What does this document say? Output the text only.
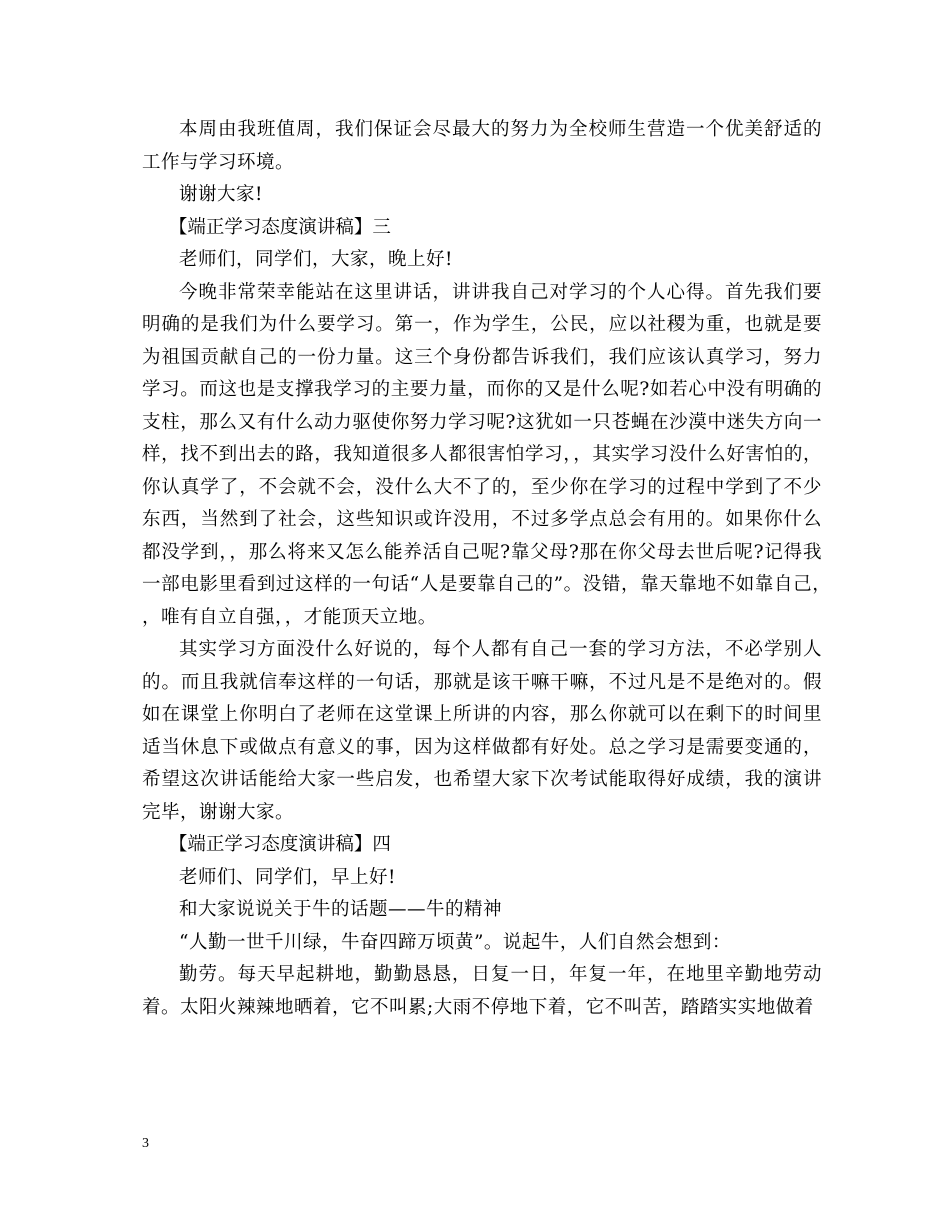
本周由我班值周，我们保证会尽最大的努力为全校师生营造一个优美舒适的工作与学习环境。

谢谢大家!

【端正学习态度演讲稿】三

老师们，同学们，大家，晚上好!

今晚非常荣幸能站在这里讲话，讲讲我自己对学习的个人心得。首先我们要明确的是我们为什么要学习。第一，作为学生，公民，应以社稷为重，也就是要为祖国贡献自己的一份力量。这三个身份都告诉我们，我们应该认真学习，努力学习。而这也是支撑我学习的主要力量，而你的又是什么呢?如若心中没有明确的支柱，那么又有什么动力驱使你努力学习呢?这犹如一只苍蝇在沙漠中迷失方向一样，找不到出去的路，我知道很多人都很害怕学习，，其实学习没什么好害怕的，你认真学了，不会就不会，没什么大不了的，至少你在学习的过程中学到了不少东西，当然到了社会，这些知识或许没用，不过多学点总会有用的。如果你什么都没学到，，那么将来又怎么能养活自己呢?靠父母?那在你父母去世后呢?记得我一部电影里看到过这样的一句话“人是要靠自己的”。没错，靠天靠地不如靠自己，，唯有自立自强，，才能顶天立地。

其实学习方面没什么好说的，每个人都有自己一套的学习方法，不必学别人的。而且我就信奉这样的一句话，那就是该干嘛干嘛，不过凡是不是绝对的。假如在课堂上你明白了老师在这堂课上所讲的内容，那么你就可以在剩下的时间里适当休息下或做点有意义的事，因为这样做都有好处。总之学习是需要变通的，希望这次讲话能给大家一些启发，也希望大家下次考试能取得好成绩，我的演讲完毕，谢谢大家。

【端正学习态度演讲稿】四

老师们、同学们，早上好!

和大家说说关于牛的话题——牛的精神

“人勤一世千川绿，牛奋四蹄万顷黄”。说起牛，人们自然会想到：

勤劳。每天早起耕地，勤勤恳恳，日复一日，年复一年，在地里辛勤地劳动着。太阳火辣辣地晒着，它不叫累;大雨不停地下着，它不叫苦，踏踏实实地做着

3
